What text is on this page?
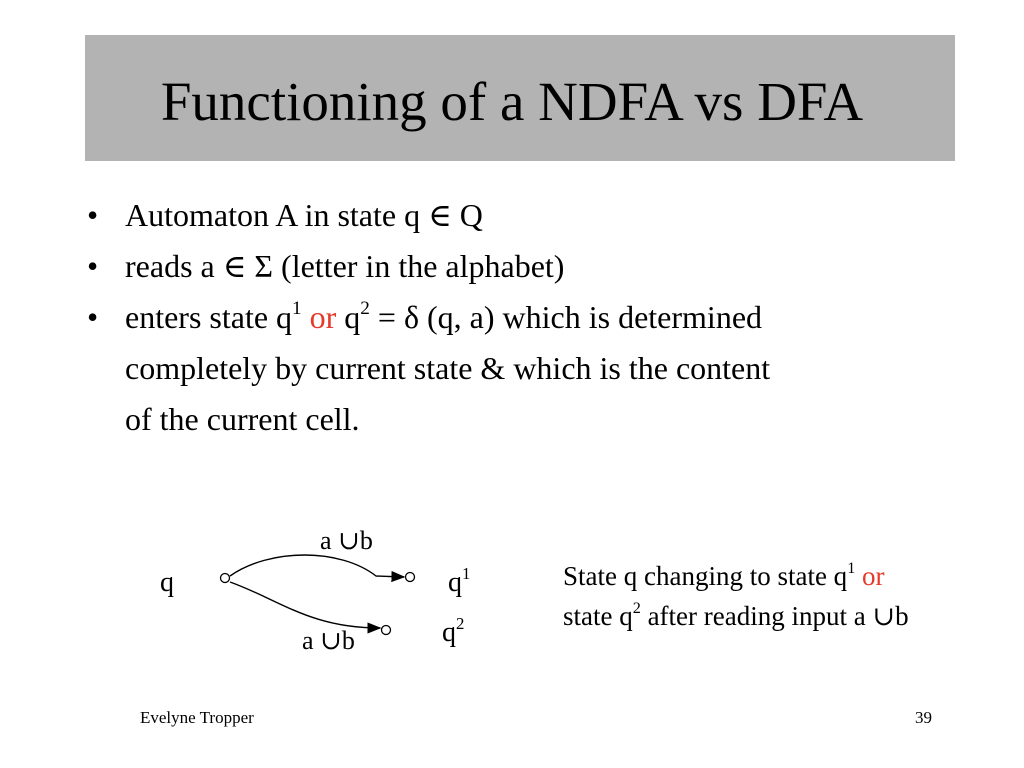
Functioning of a NDFA vs DFA
• Automaton A in state q ∈ Q
• reads a ∈ Σ (letter in the alphabet)
• enters state $q^1$ or $q^2 = \delta$ (q, a) which is determined
completely by current state & which is the content
of the current cell.
q	$q^1$
$q^2$
a ∪b
a ∪b
State q changing to state $q^1$ or
state $q^2$ after reading input a ∪b
Evelyne Tropper	39
